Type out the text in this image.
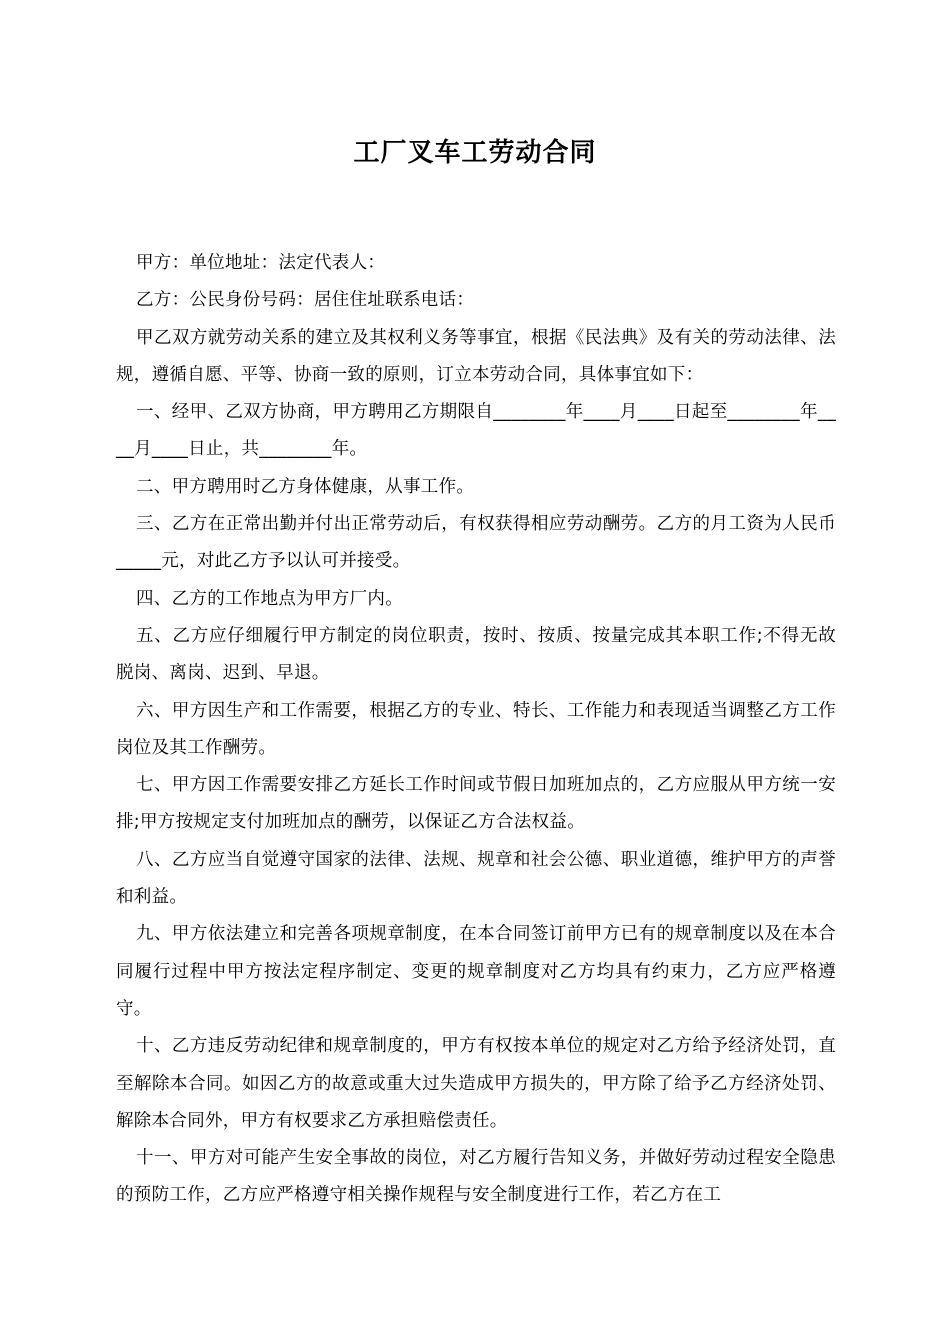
工厂叉车工劳动合同

甲方：单位地址：法定代表人：

乙方：公民身份号码：居住住址联系电话：

甲乙双方就劳动关系的建立及其权利义务等事宜，根据《民法典》及有关的劳动法律、法规，遵循自愿、平等、协商一致的原则，订立本劳动合同，具体事宜如下：

一、经甲、乙双方协商，甲方聘用乙方期限自________年____月____日起至________年____月____日止，共________年。

二、甲方聘用时乙方身体健康，从事工作。

三、乙方在正常出勤并付出正常劳动后，有权获得相应劳动酬劳。乙方的月工资为人民币_____元，对此乙方予以认可并接受。

四、乙方的工作地点为甲方厂内。

五、乙方应仔细履行甲方制定的岗位职责，按时、按质、按量完成其本职工作;不得无故脱岗、离岗、迟到、早退。

六、甲方因生产和工作需要，根据乙方的专业、特长、工作能力和表现适当调整乙方工作岗位及其工作酬劳。

七、甲方因工作需要安排乙方延长工作时间或节假日加班加点的，乙方应服从甲方统一安排;甲方按规定支付加班加点的酬劳，以保证乙方合法权益。

八、乙方应当自觉遵守国家的法律、法规、规章和社会公德、职业道德，维护甲方的声誉和利益。

九、甲方依法建立和完善各项规章制度，在本合同签订前甲方已有的规章制度以及在本合同履行过程中甲方按法定程序制定、变更的规章制度对乙方均具有约束力，乙方应严格遵守。

十、乙方违反劳动纪律和规章制度的，甲方有权按本单位的规定对乙方给予经济处罚，直至解除本合同。如因乙方的故意或重大过失造成甲方损失的，甲方除了给予乙方经济处罚、解除本合同外，甲方有权要求乙方承担赔偿责任。

十一、甲方对可能产生安全事故的岗位，对乙方履行告知义务，并做好劳动过程安全隐患的预防工作，乙方应严格遵守相关操作规程与安全制度进行工作，若乙方在工
